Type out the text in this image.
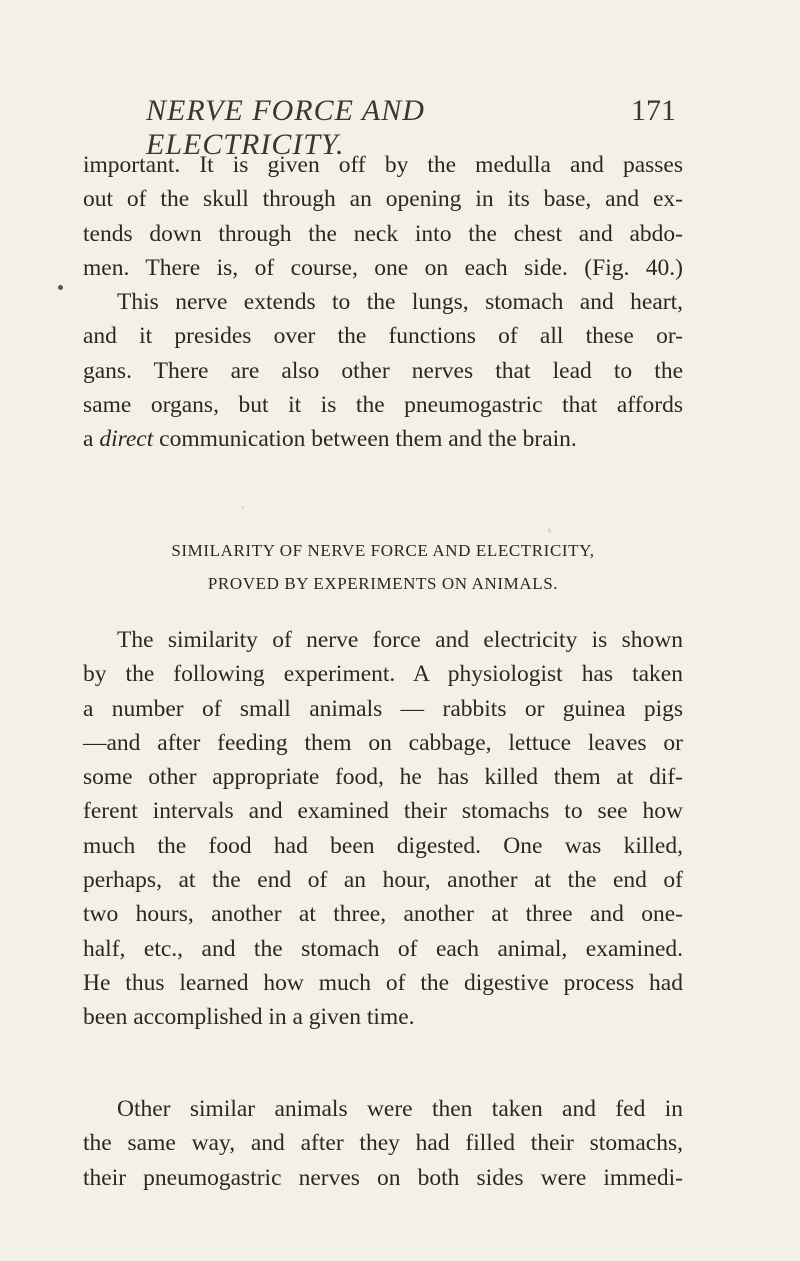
NERVE FORCE AND ELECTRICITY.
171
important. It is given off by the medulla and passes
out of the skull through an opening in its base, and ex-
tends down through the neck into the chest and abdo-
men. There is, of course, one on each side. (Fig. 40.)
This nerve extends to the lungs, stomach and heart,
and it presides over the functions of all these or-
gans. There are also other nerves that lead to the
same organs, but it is the pneumogastric that affords
a direct communication between them and the brain.
SIMILARITY OF NERVE FORCE AND ELECTRICITY,
PROVED BY EXPERIMENTS ON ANIMALS.
The similarity of nerve force and electricity is shown
by the following experiment. A physiologist has taken
a number of small animals — rabbits or guinea pigs
—and after feeding them on cabbage, lettuce leaves or
some other appropriate food, he has killed them at dif-
ferent intervals and examined their stomachs to see how
much the food had been digested. One was killed,
perhaps, at the end of an hour, another at the end of
two hours, another at three, another at three and one-
half, etc., and the stomach of each animal, examined.
He thus learned how much of the digestive process had
been accomplished in a given time.
Other similar animals were then taken and fed in
the same way, and after they had filled their stomachs,
their pneumogastric nerves on both sides were immedi-
